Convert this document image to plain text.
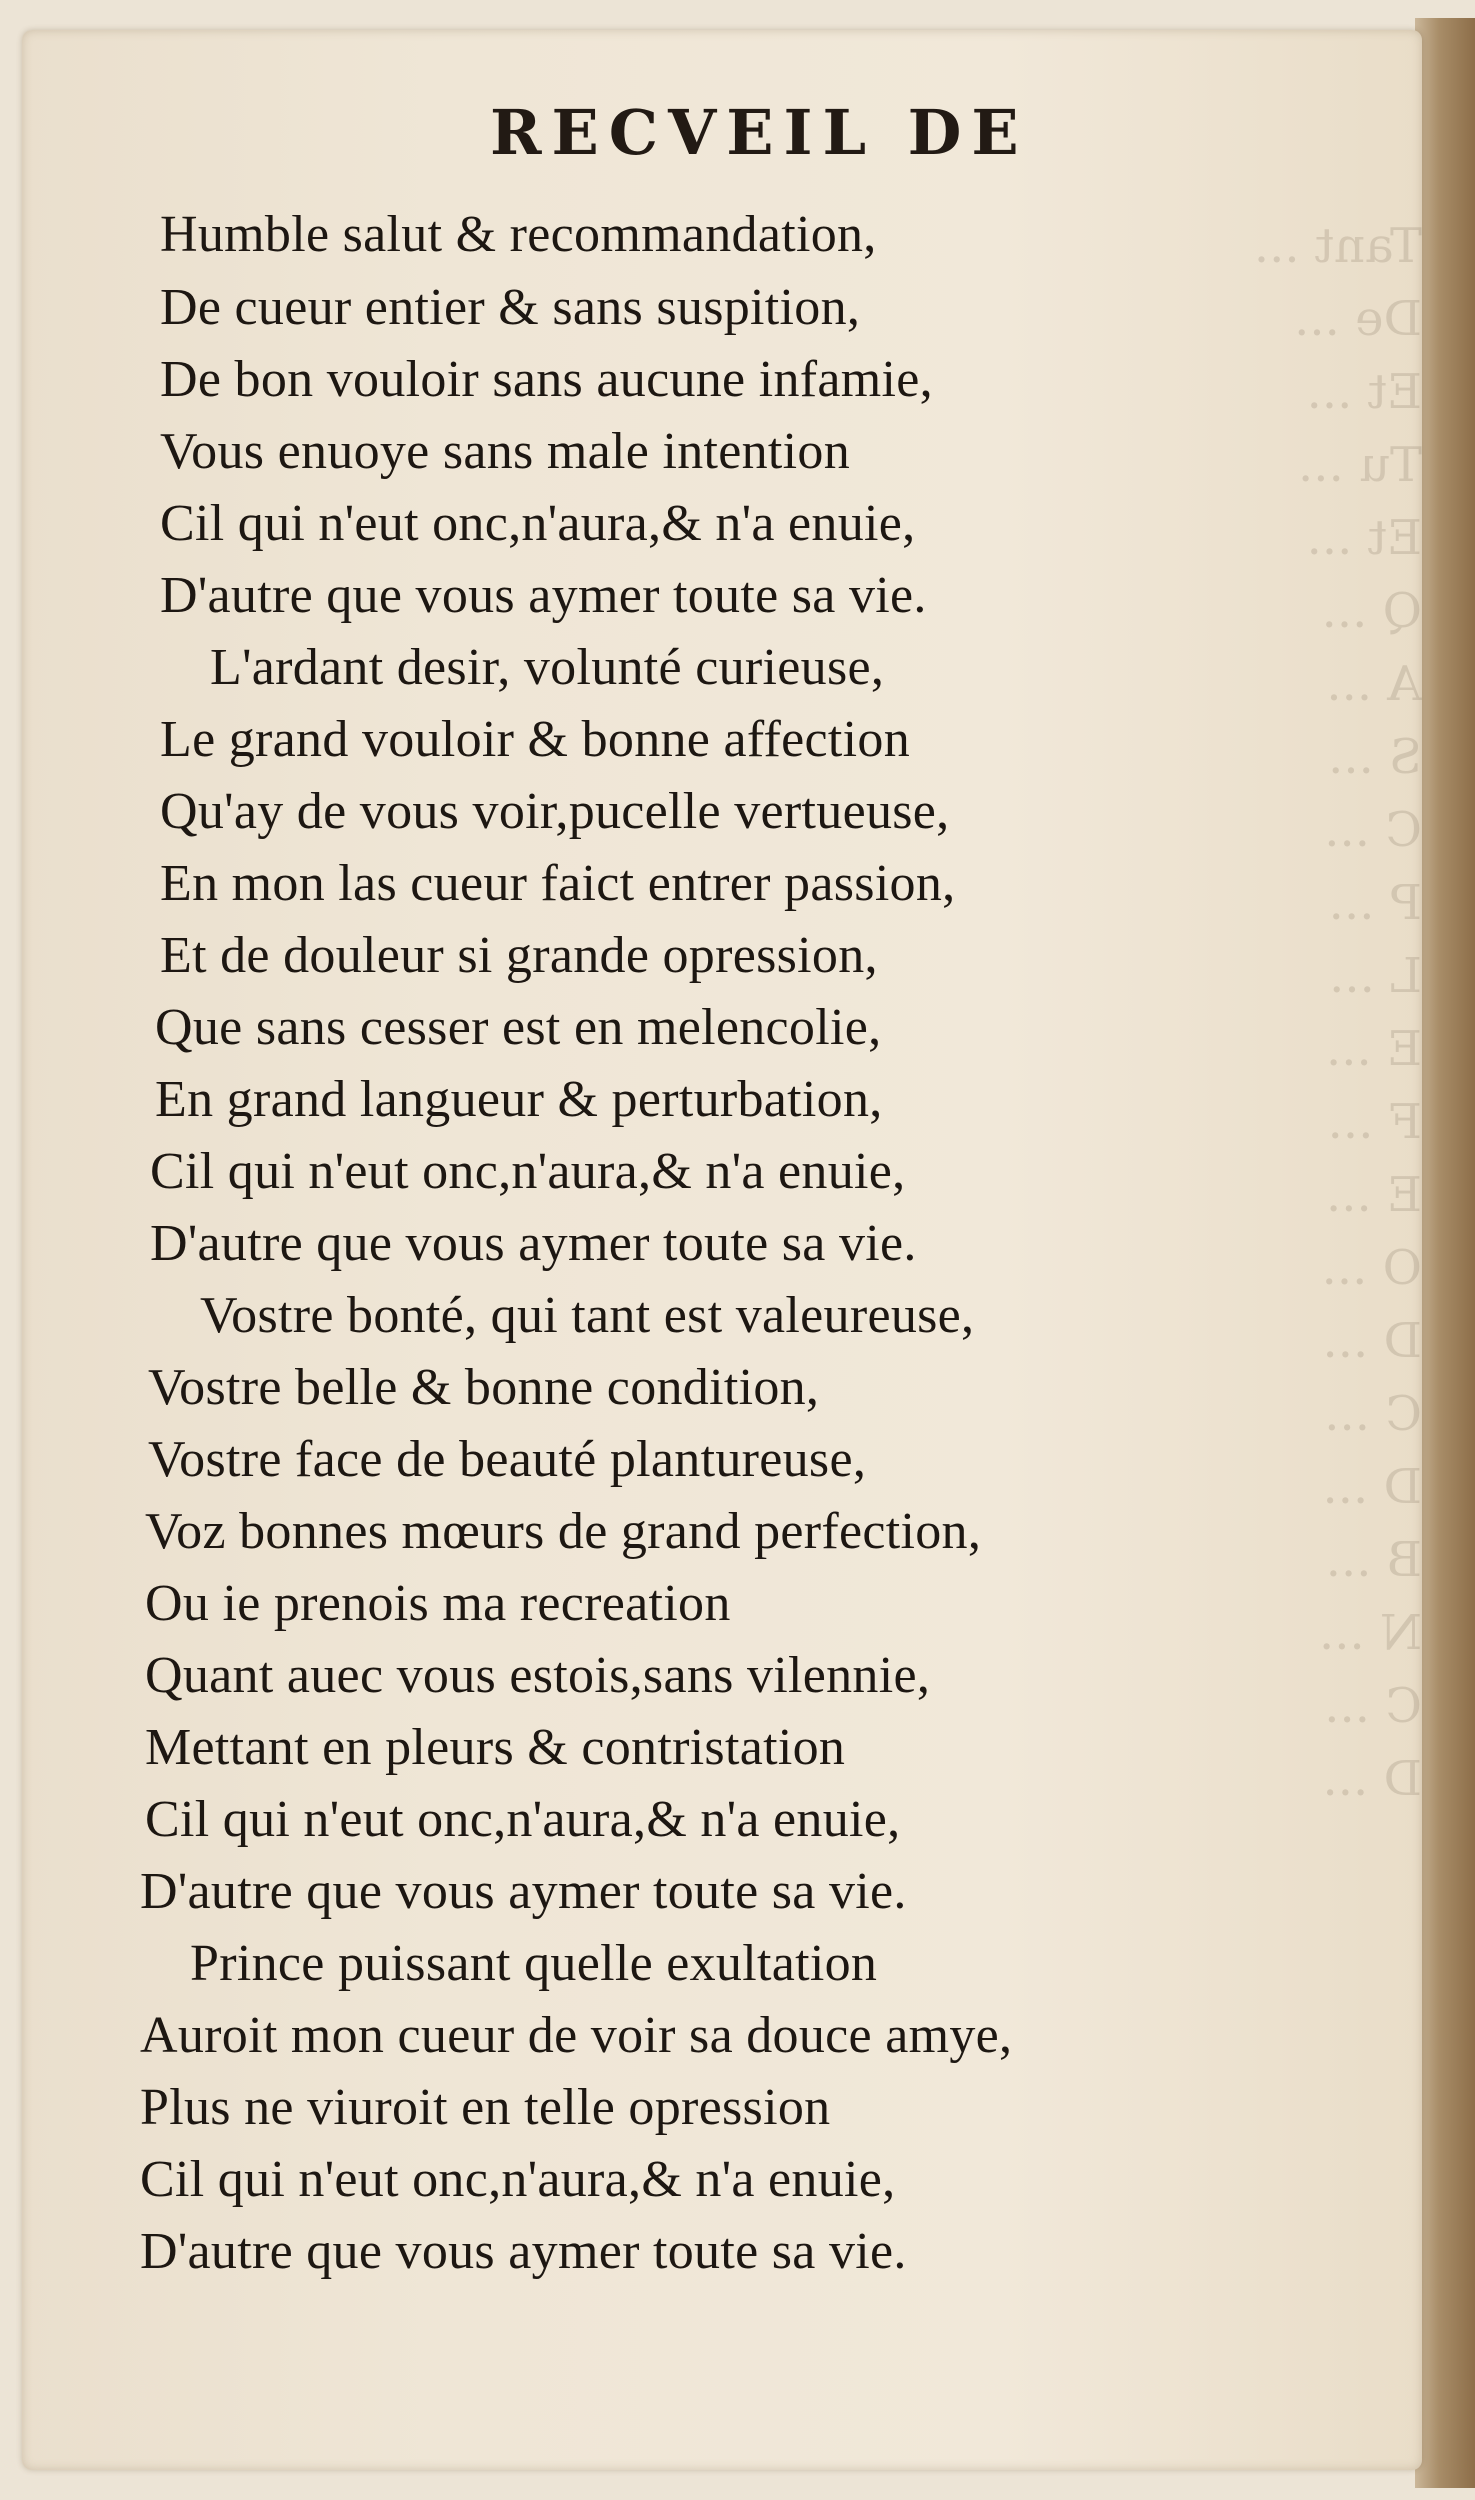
Tant ...
De ...
Et ...
Tu ...
Et ...
Q ...
A ...
S ...
C ...
P ...
L ...
E ...
F ...
E ...
O ...
D ...
C ...
D ...
B ...
N ...
C ...
D ...
RECVEIL DE
Humble salut & recommandation,
De cueur entier & sans suspition,
De bon vouloir sans aucune infamie,
Vous enuoye sans male intention
Cil qui n'eut onc,n'aura,& n'a enuie,
D'autre que vous aymer toute sa vie.
L'ardant desir, volunté curieuse,
Le grand vouloir & bonne affection
Qu'ay de vous voir,pucelle vertueuse,
En mon las cueur faict entrer passion,
Et de douleur si grande opression,
Que sans cesser est en melencolie,
En grand langueur & perturbation,
Cil qui n'eut onc,n'aura,& n'a enuie,
D'autre que vous aymer toute sa vie.
Vostre bonté, qui tant est valeureuse,
Vostre belle & bonne condition,
Vostre face de beauté plantureuse,
Voz bonnes mœurs de grand perfection,
Ou ie prenois ma recreation
Quant auec vous estois,sans vilennie,
Mettant en pleurs & contristation
Cil qui n'eut onc,n'aura,& n'a enuie,
D'autre que vous aymer toute sa vie.
Prince puissant quelle exultation
Auroit mon cueur de voir sa douce amye,
Plus ne viuroit en telle opression
Cil qui n'eut onc,n'aura,& n'a enuie,
D'autre que vous aymer toute sa vie.
